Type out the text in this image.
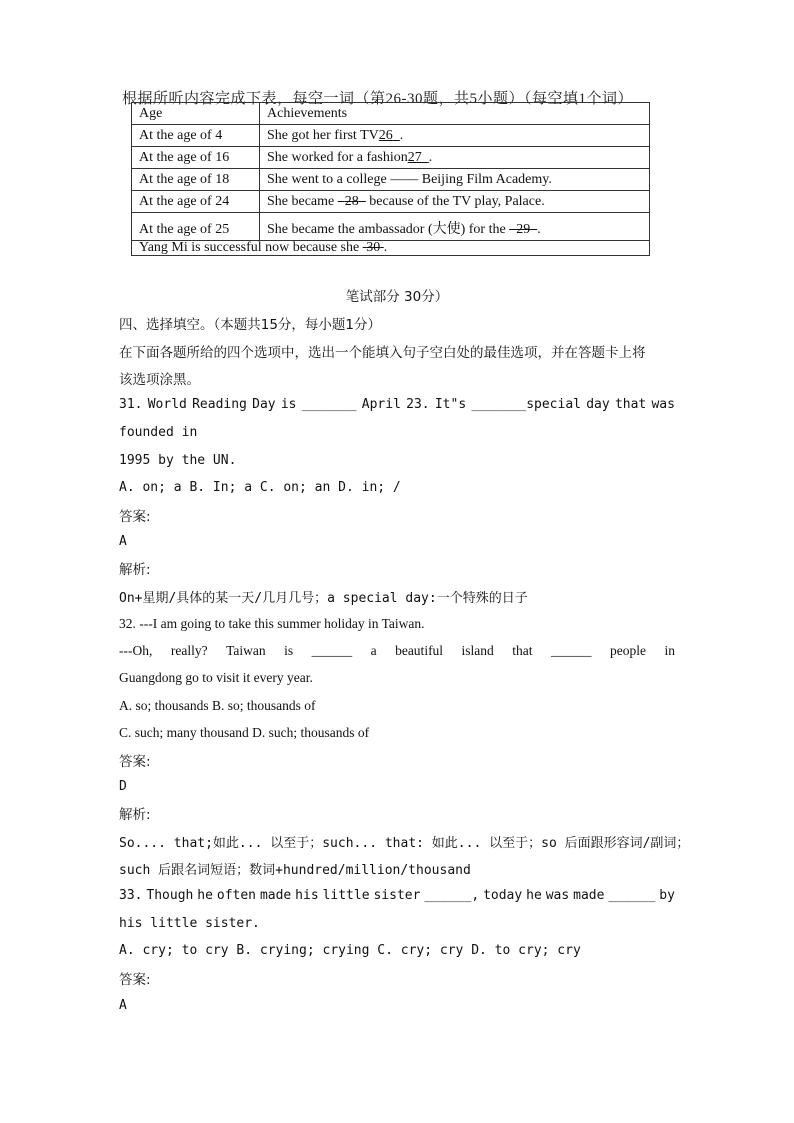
根据所听内容完成下表，每空一词（第26-30题，共5小题）（每空填1个词）
Age	Achievements
At the age of 4	She got her first TV26 .
At the age of 16	She worked for a fashion27 .
At the age of 18	She went to a college —— Beijing Film Academy.
At the age of 24	She became 28 because of the TV play, Palace.
At the age of 25	She became the ambassador (大使) for the 29 .
Yang Mi is successful now because she 30 .	
笔试部分 30分）
四、选择填空。（本题共15分，每小题1分）
在下面各题所给的四个选项中，选出一个能填入句子空白处的最佳选项，并在答题卡上将
该选项涂黑。
31. World Reading Day is _______ April 23. It"s _______special day that was
founded in
1995 by the UN.
A. on; a B. In; a C. on; an D. in; /
答案:
A
解析:
On+星期/具体的某一天/几月几号；a special day:一个特殊的日子
32. ---I am going to take this summer holiday in Taiwan.
---Oh, really? Taiwan is ______ a beautiful island that ______ people in
Guangdong go to visit it every year.
A. so; thousands B. so; thousands of
C. such; many thousand D. such; thousands of
答案:
D
解析:
So.... that;如此... 以至于； such... that: 如此... 以至于；so 后面跟形容词/副词；
such 后跟名词短语；数词+hundred/million/thousand
33. Though he often made his little sister ______, today he was made ______ by
his little sister.
A. cry; to cry B. crying; crying C. cry; cry D. to cry; cry
答案:
A
